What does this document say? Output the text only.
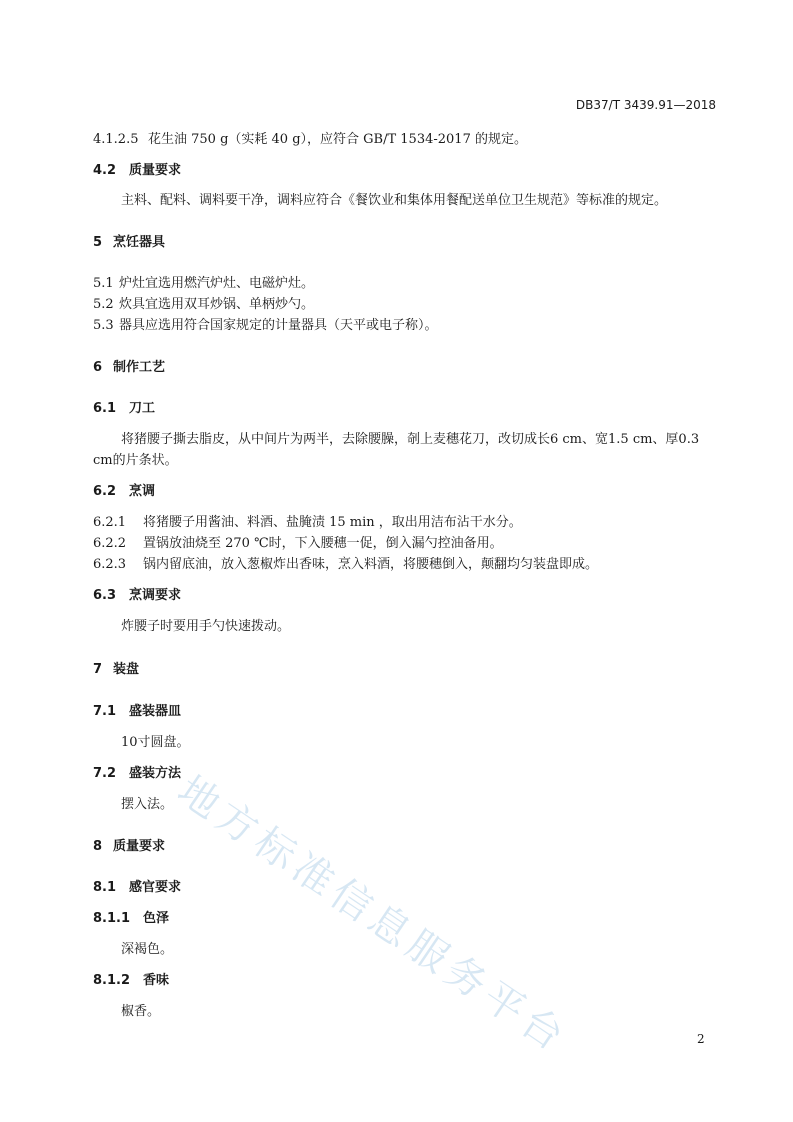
DB37/T 3439.91—2018
4.1.2.5 花生油 750 g（实耗 40 g），应符合 GB/T 1534-2017 的规定。
4.2 质量要求
主料、配料、调料要干净，调料应符合《餐饮业和集体用餐配送单位卫生规范》等标准的规定。
5 烹饪器具
5.1 炉灶宜选用燃汽炉灶、电磁炉灶。
5.2 炊具宜选用双耳炒锅、单柄炒勺。
5.3 器具应选用符合国家规定的计量器具（天平或电子称）。
6 制作工艺
6.1 刀工
将猪腰子撕去脂皮，从中间片为两半，去除腰臊，剞上麦穗花刀，改切成长6 cm、宽1.5 cm、厚0.3
cm的片条状。
6.2 烹调
6.2.1 将猪腰子用酱油、料酒、盐腌渍 15 min ，取出用洁布沾干水分。
6.2.2 置锅放油烧至 270 ℃时，下入腰穗一促，倒入漏勺控油备用。
6.2.3 锅内留底油，放入葱椒炸出香味，烹入料酒，将腰穗倒入，颠翻均匀装盘即成。
6.3 烹调要求
炸腰子时要用手勺快速拨动。
7 装盘
7.1 盛装器皿
10寸圆盘。
7.2 盛装方法
摆入法。
8 质量要求
8.1 感官要求
8.1.1 色泽
深褐色。
8.1.2 香味
椒香。 地方标准信息服务平台	2
